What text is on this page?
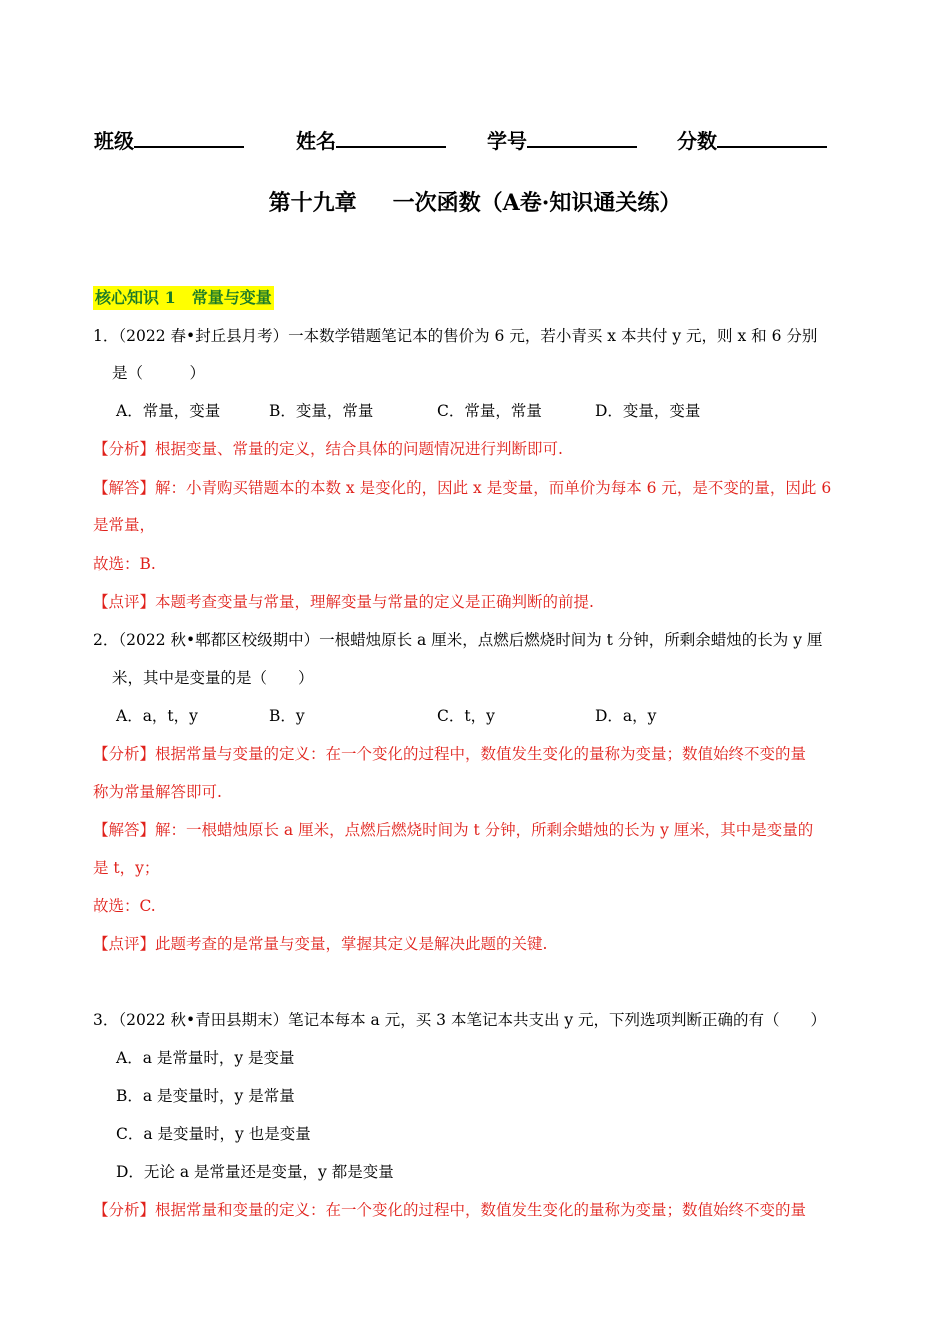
班级	姓名	学号	分数
第十九章 一次函数（A卷·知识通关练）
核心知识 1　常量与变量
1．（2022 春•封丘县月考）一本数学错题笔记本的售价为 6 元，若小青买 x 本共付 y 元，则 x 和 6 分别
是（　　　）
A．常量，变量	B．变量，常量	C．常量，常量	D．变量，变量
【分析】根据变量、常量的定义，结合具体的问题情况进行判断即可.
【解答】解：小青购买错题本的本数 x 是变化的，因此 x 是变量，而单价为每本 6 元，是不变的量，因此 6
是常量，
故选：B.
【点评】本题考查变量与常量，理解变量与常量的定义是正确判断的前提.
2．（2022 秋•郫都区校级期中）一根蜡烛原长 a 厘米，点燃后燃烧时间为 t 分钟，所剩余蜡烛的长为 y 厘
米，其中是变量的是（　　）
A．a，t，y	B．y	C．t，y	D．a，y
【分析】根据常量与变量的定义：在一个变化的过程中，数值发生变化的量称为变量；数值始终不变的量
称为常量解答即可.
【解答】解：一根蜡烛原长 a 厘米，点燃后燃烧时间为 t 分钟，所剩余蜡烛的长为 y 厘米，其中是变量的
是 t，y；
故选：C.
【点评】此题考查的是常量与变量，掌握其定义是解决此题的关键.
3．（2022 秋•青田县期末）笔记本每本 a 元，买 3 本笔记本共支出 y 元，下列选项判断正确的有（　　）
A．a 是常量时，y 是变量
B．a 是变量时，y 是常量
C．a 是变量时，y 也是变量
D．无论 a 是常量还是变量，y 都是变量
【分析】根据常量和变量的定义：在一个变化的过程中，数值发生变化的量称为变量；数值始终不变的量
